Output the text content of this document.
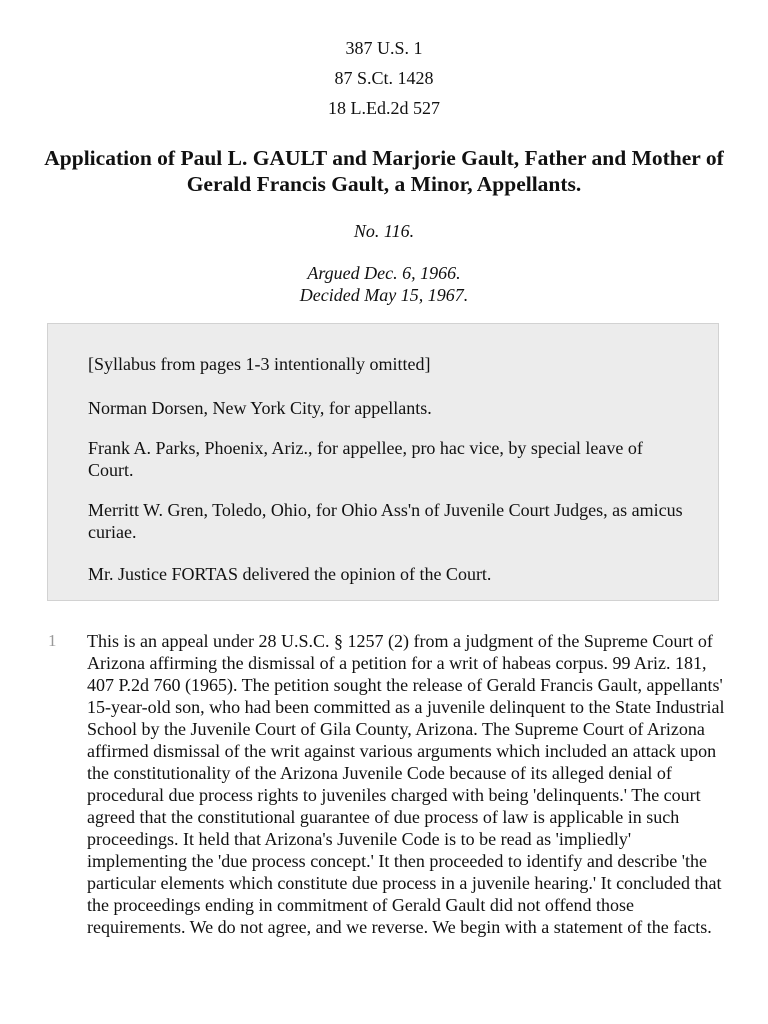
387 U.S. 1
87 S.Ct. 1428
18 L.Ed.2d 527
Application of Paul L. GAULT and Marjorie Gault, Father and Mother of Gerald Francis Gault, a Minor, Appellants.
No. 116.
Argued Dec. 6, 1966.
Decided May 15, 1967.

[Syllabus from pages 1-3 intentionally omitted]

Norman Dorsen, New York City, for appellants.

Frank A. Parks, Phoenix, Ariz., for appellee, pro hac vice, by special leave of Court.

Merritt W. Gren, Toledo, Ohio, for Ohio Ass'n of Juvenile Court Judges, as amicus curiae.

Mr. Justice FORTAS delivered the opinion of the Court.

1 This is an appeal under 28 U.S.C. § 1257 (2) from a judgment of the Supreme Court of Arizona affirming the dismissal of a petition for a writ of habeas corpus. 99 Ariz. 181, 407 P.2d 760 (1965). The petition sought the release of Gerald Francis Gault, appellants' 15-year-old son, who had been committed as a juvenile delinquent to the State Industrial School by the Juvenile Court of Gila County, Arizona. The Supreme Court of Arizona affirmed dismissal of the writ against various arguments which included an attack upon the constitutionality of the Arizona Juvenile Code because of its alleged denial of procedural due process rights to juveniles charged with being 'delinquents.' The court agreed that the constitutional guarantee of due process of law is applicable in such proceedings. It held that Arizona's Juvenile Code is to be read as 'impliedly' implementing the 'due process concept.' It then proceeded to identify and describe 'the particular elements which constitute due process in a juvenile hearing.' It concluded that the proceedings ending in commitment of Gerald Gault did not offend those requirements. We do not agree, and we reverse. We begin with a statement of the facts.
